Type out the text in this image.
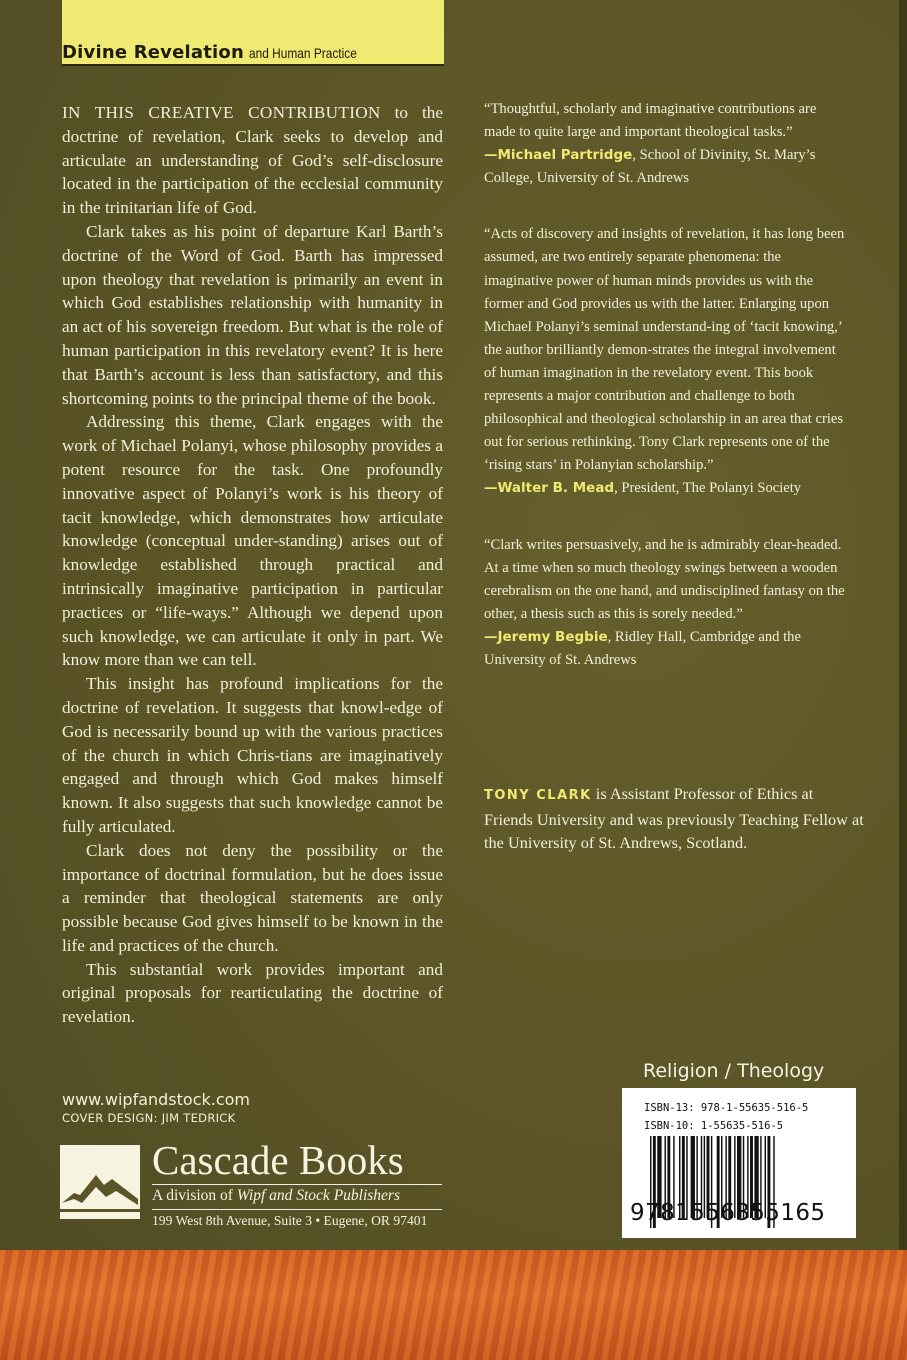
Divine Revelation and Human Practice

IN THIS CREATIVE CONTRIBUTION to the doctrine of revelation, Clark seeks to develop and articulate an understanding of God’s self-disclosure located in the participation of the ecclesial community in the trinitarian life of God.

Clark takes as his point of departure Karl Barth’s doctrine of the Word of God. Barth has impressed upon theology that revelation is primarily an event in which God establishes relationship with humanity in an act of his sovereign freedom. But what is the role of human participation in this revelatory event? It is here that Barth’s account is less than satisfactory, and this shortcoming points to the principal theme of the book.

Addressing this theme, Clark engages with the work of Michael Polanyi, whose philosophy provides a potent resource for the task. One profoundly innovative aspect of Polanyi’s work is his theory of tacit knowledge, which demonstrates how articulate knowledge (conceptual under-standing) arises out of knowledge established through practical and intrinsically imaginative participation in particular practices or “life-ways.” Although we depend upon such knowledge, we can articulate it only in part. We know more than we can tell.

This insight has profound implications for the doctrine of revelation. It suggests that knowl-edge of God is necessarily bound up with the various practices of the church in which Chris-tians are imaginatively engaged and through which God makes himself known. It also suggests that such knowledge cannot be fully articulated.

Clark does not deny the possibility or the importance of doctrinal formulation, but he does issue a reminder that theological statements are only possible because God gives himself to be known in the life and practices of the church.

This substantial work provides important and original proposals for rearticulating the doctrine of revelation.

“Thoughtful, scholarly and imaginative contributions are made to quite large and important theological tasks.”
—Michael Partridge, School of Divinity, St. Mary’s College, University of St. Andrews
“Acts of discovery and insights of revelation, it has long been assumed, are two entirely separate phenomena: the imaginative power of human minds provides us with the former and God provides us with the latter. Enlarging upon Michael Polanyi’s seminal understand-ing of ‘tacit knowing,’ the author brilliantly demon-strates the integral involvement of human imagination in the revelatory event. This book represents a major contribution and challenge to both philosophical and theological scholarship in an area that cries out for serious rethinking. Tony Clark represents one of the ‘rising stars’ in Polanyian scholarship.”
—Walter B. Mead, President, The Polanyi Society
“Clark writes persuasively, and he is admirably clear-headed. At a time when so much theology swings between a wooden cerebralism on the one hand, and undisciplined fantasy on the other, a thesis such as this is sorely needed.”
—Jeremy Begbie, Ridley Hall, Cambridge and the University of St. Andrews
TONY CLARK is Assistant Professor of Ethics at Friends University and was previously Teaching Fellow at the University of St. Andrews, Scotland.
Religion / Theology
ISBN-13: 978-1-55635-516-5
ISBN-10: 1-55635-516-5
9781556355165
www.wipfandstock.com
COVER DESIGN: JIM TEDRICK
Cascade Books
A division of Wipf and Stock Publishers
199 West 8th Avenue, Suite 3 • Eugene, OR 97401
